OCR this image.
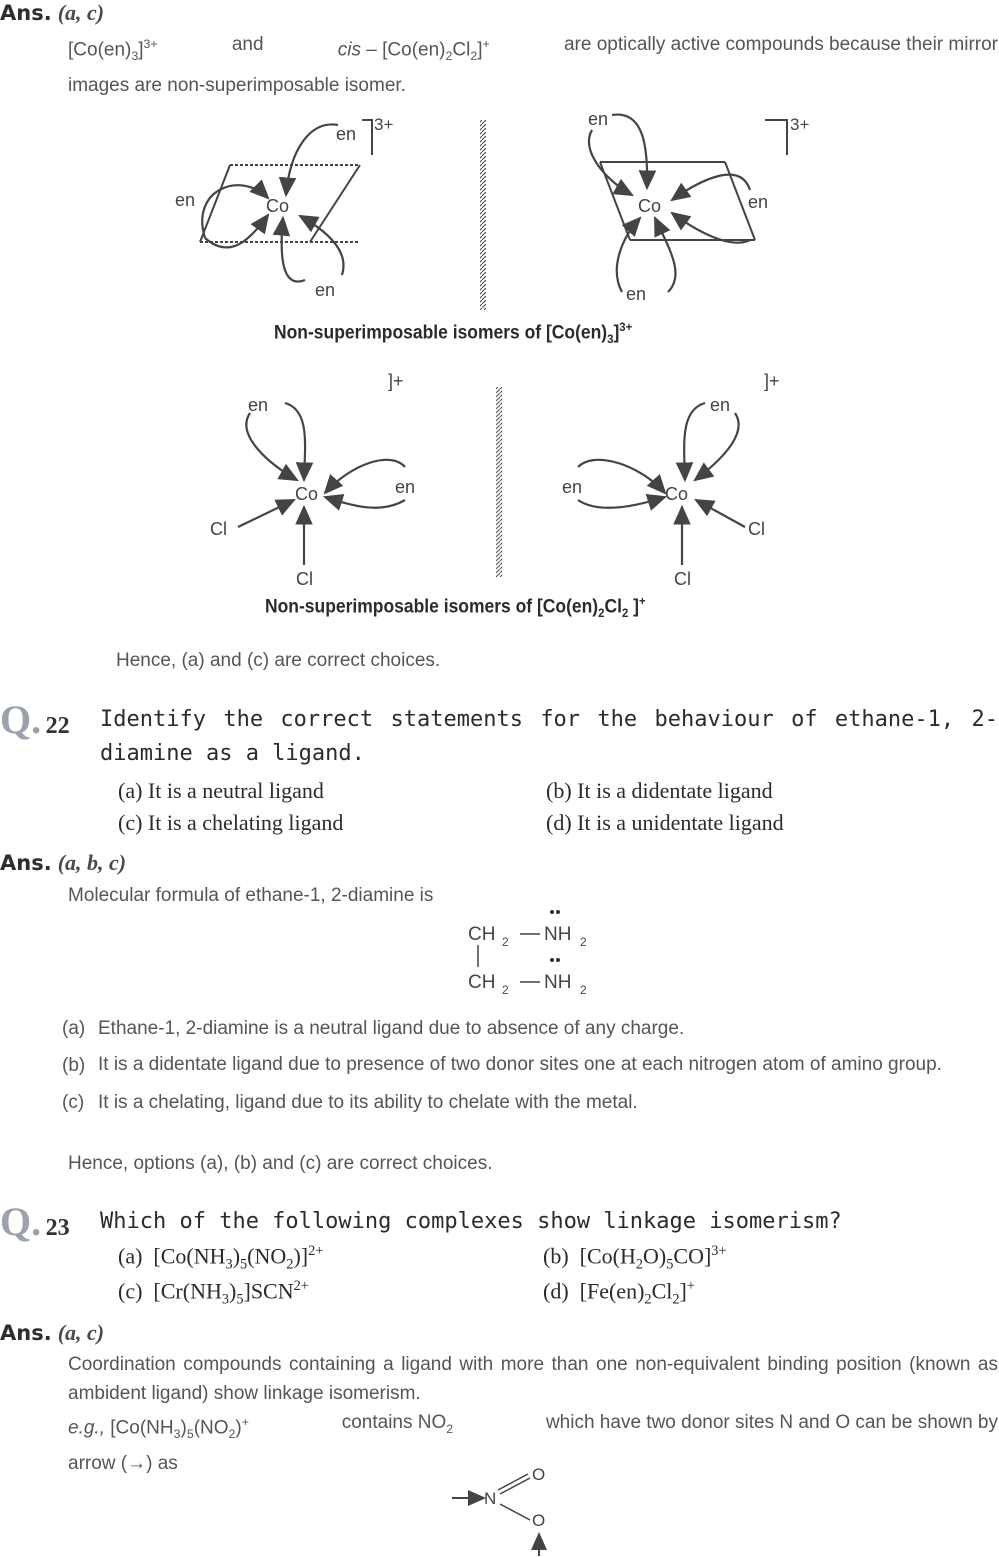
Ans. (a, c)
$[Co(en)_3]^{3+}$	and	cis – $[Co(en)_2Cl_2]^+$	are optically active compounds because their mirror
images are non-superimposable isomer.
Co
en
en
en
3+
Co
en
en
en
3+
Non-superimposable isomers of $[Co(en)_3]^{3+}$
Co
en
en
Cl
Cl
]+
Co
en
en
Cl
Cl
]+
Non-superimposable isomers of [$Co(en)_2Cl_2$ ]+
Hence, (a) and (c) are correct choices.
Q. 22 Identify the correct statements for the behaviour of ethane-1, 2-diamine as a ligand.
(a) It is a neutral ligand	(b) It is a didentate ligand
(c) It is a chelating ligand	(d) It is a unidentate ligand
Ans. (a, b, c)
Molecular formula of ethane-1, 2-diamine is
CH 2 NH 2
CH 2 NH 2
(a) Ethane-1, 2-diamine is a neutral ligand due to absence of any charge.
(b) It is a didentate ligand due to presence of two donor sites one at each nitrogen atom of amino group.
(c) It is a chelating, ligand due to its ability to chelate with the metal.
Hence, options (a), (b) and (c) are correct choices.
Q. 23 Which of the following complexes show linkage isomerism?
(a)  $[Co(NH_3)_5(NO_2)]^{2+}$	(b)  $[Co(H_2O)_5CO]^{3+}$
(c)  $[Cr(NH_3)_5]SCN^{2+}$	(d)  $[Fe(en)_2Cl_2]^+$
Ans. (a, c)
Coordination compounds containing a ligand with more than one non-equivalent binding position (known as ambident ligand) show linkage isomerism.
e.g., [$Co(NH_3)_5(NO_2)^+$	contains $NO_2$	which have two donor sites N and O can be shown by
arrow (→) as
N
O
O
